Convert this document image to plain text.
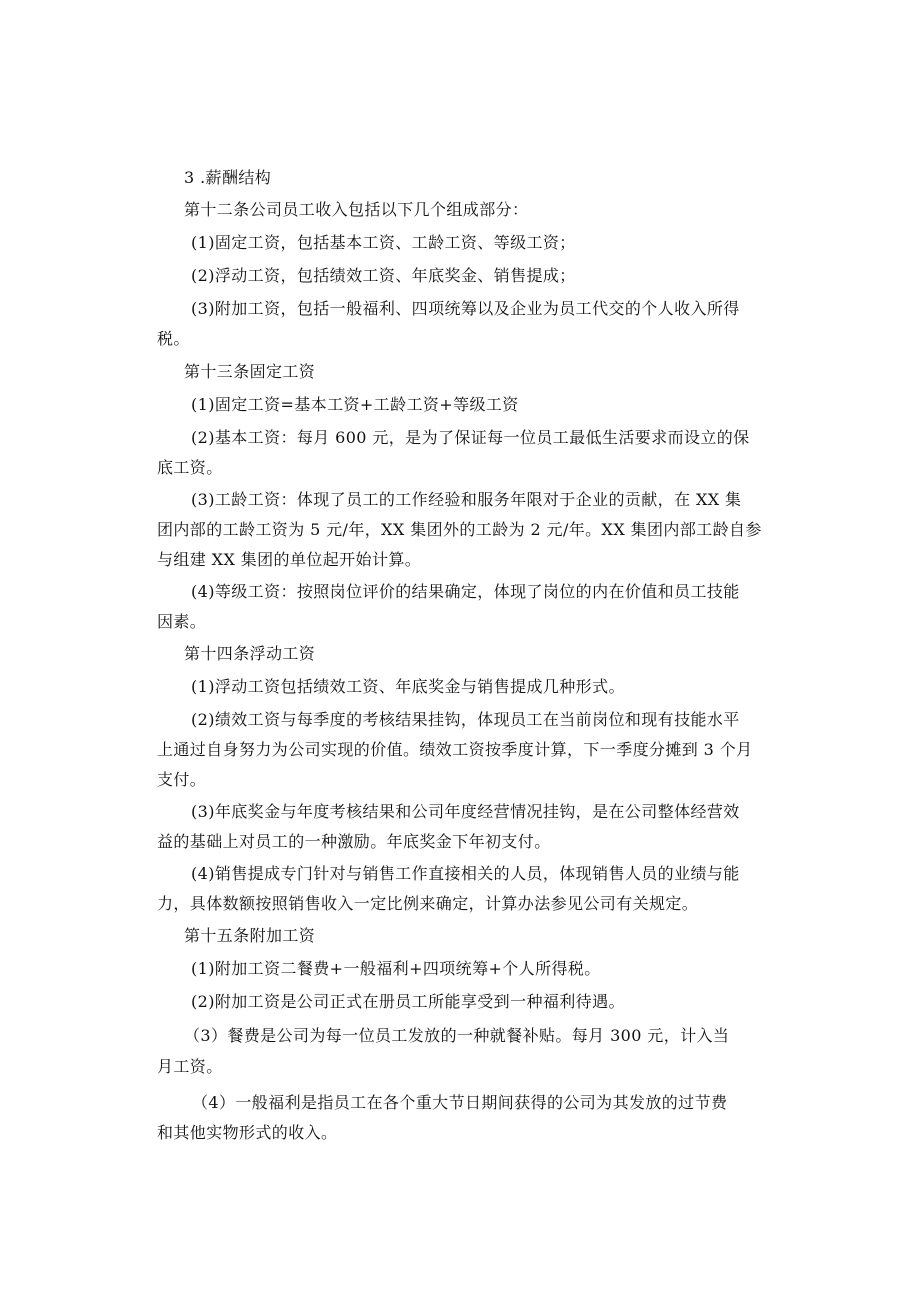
3 .薪酬结构
第十二条公司员工收入包括以下几个组成部分：
(1)固定工资，包括基本工资、工龄工资、等级工资；
(2)浮动工资，包括绩效工资、年底奖金、销售提成；
(3)附加工资，包括一般福利、四项统筹以及企业为员工代交的个人收入所得
税。
第十三条固定工资
(1)固定工资=基本工资+工龄工资+等级工资
(2)基本工资：每月 600 元，是为了保证每一位员工最低生活要求而设立的保
底工资。
(3)工龄工资：体现了员工的工作经验和服务年限对于企业的贡献，在 XX 集
团内部的工龄工资为 5 元/年，XX 集团外的工龄为 2 元/年。XX 集团内部工龄自参
与组建 XX 集团的单位起开始计算。
(4)等级工资：按照岗位评价的结果确定，体现了岗位的内在价值和员工技能
因素。
第十四条浮动工资
(1)浮动工资包括绩效工资、年底奖金与销售提成几种形式。
(2)绩效工资与每季度的考核结果挂钩，体现员工在当前岗位和现有技能水平
上通过自身努力为公司实现的价值。绩效工资按季度计算，下一季度分摊到 3 个月
支付。
(3)年底奖金与年度考核结果和公司年度经营情况挂钩，是在公司整体经营效
益的基础上对员工的一种激励。年底奖金下年初支付。
(4)销售提成专门针对与销售工作直接相关的人员，体现销售人员的业绩与能
力，具体数额按照销售收入一定比例来确定，计算办法参见公司有关规定。
第十五条附加工资
(1)附加工资二餐费+一般福利+四项统筹+个人所得税。
(2)附加工资是公司正式在册员工所能享受到一种福利待遇。
（3）餐费是公司为每一位员工发放的一种就餐补贴。每月 300 元，计入当
月工资。
（4）一般福利是指员工在各个重大节日期间获得的公司为其发放的过节费
和其他实物形式的收入。
